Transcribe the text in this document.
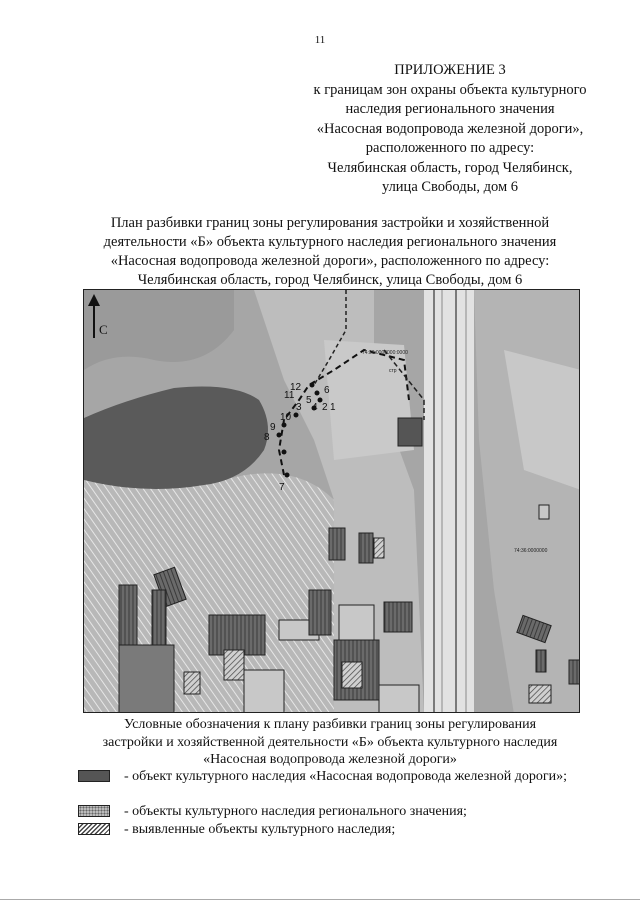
11
ПРИЛОЖЕНИЕ 3
к границам зон охраны объекта культурного
наследия регионального значения
«Насосная водопровода железной дороги»,
расположенного по адресу:
Челябинская область, город Челябинск,
улица Свободы, дом 6
План разбивки границ зоны регулирования застройки и хозяйственной
деятельности «Б» объекта культурного наследия регионального значения
«Насосная водопровода железной дороги», расположенного по адресу:
Челябинская область, город Челябинск, улица Свободы, дом 6
12
11
10
9
8
7
6
5
4
3 2 1
74:36:0000000:0000
стр
74:36:0000000
С
Условные обозначения к плану разбивки границ зоны регулирования
застройки и хозяйственной деятельности «Б» объекта культурного наследия
«Насосная водопровода железной дороги»
- объект культурного наследия «Насосная водопровода железной дороги»;
- объекты культурного наследия регионального значения;
- выявленные объекты культурного наследия;
